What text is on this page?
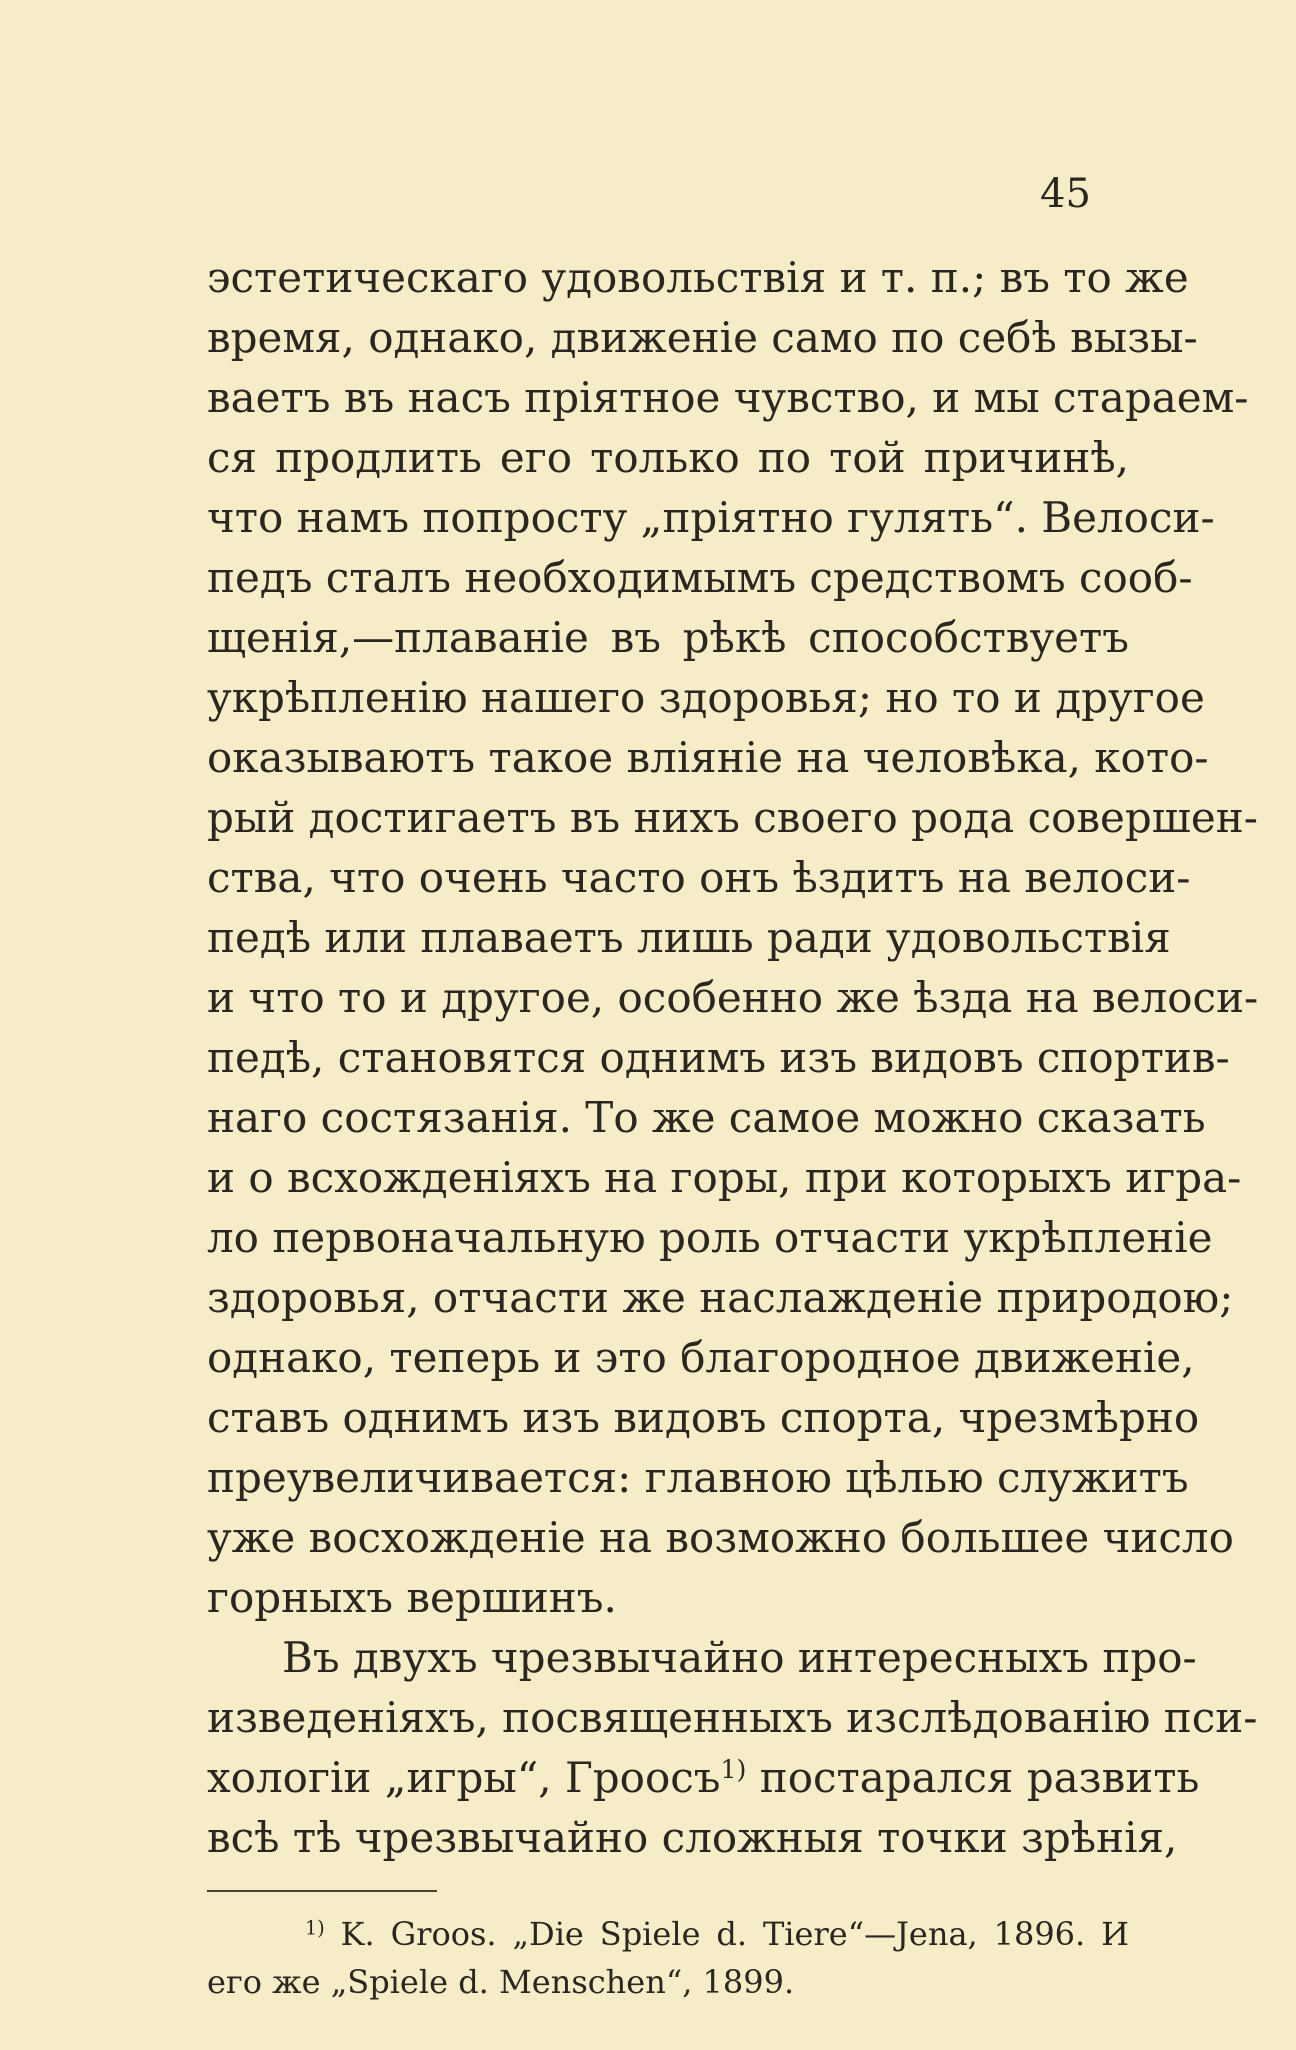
45
эстетическаго удовольствія и т. п.; въ то же
время, однако, движеніе само по себѣ вызы-
ваетъ въ насъ пріятное чувство, и мы стараем-
ся продлить его только по той причинѣ,
что намъ попросту „пріятно гулять“. Велоси-
педъ сталъ необходимымъ средствомъ сооб-
щенія,—плаваніе въ рѣкѣ способствуетъ
укрѣпленію нашего здоровья; но то и другое
оказываютъ такое вліяніе на человѣка, кото-
рый достигаетъ въ нихъ своего рода совершен-
ства, что очень часто онъ ѣздитъ на велоси-
педѣ или плаваетъ лишь ради удовольствія
и что то и другое, особенно же ѣзда на велоси-
педѣ, становятся однимъ изъ видовъ спортив-
наго состязанія. То же самое можно сказать
и о всхожденіяхъ на горы, при которыхъ игра-
ло первоначальную роль отчасти укрѣпленіе
здоровья, отчасти же наслажденіе природою;
однако, теперь и это благородное движеніе,
ставъ однимъ изъ видовъ спорта, чрезмѣрно
преувеличивается: главною цѣлью служитъ
уже восхожденіе на возможно большее число
горныхъ вершинъ.
Въ двухъ чрезвычайно интересныхъ про-
изведеніяхъ, посвященныхъ изслѣдованію пси-
хологіи „игры“, Гроосъ$^{1)}$ постарался развить
всѣ тѣ чрезвычайно сложныя точки зрѣнія,
$^{1)}$ K. Groos. „Die Spiele d. Tiere“—Jena, 1896. И
его же „Spiele d. Menschen“, 1899.
